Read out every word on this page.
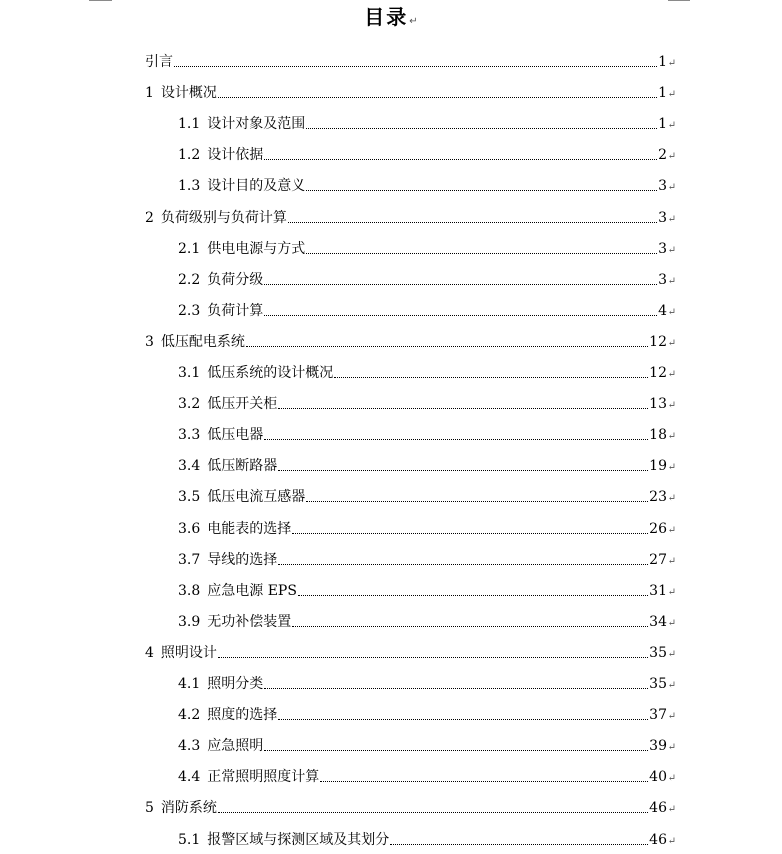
目录↵
引言	1 ↵
1 设计概况	1 ↵
1.1 设计对象及范围	1 ↵
1.2 设计依据	2 ↵
1.3 设计目的及意义	3 ↵
2 负荷级别与负荷计算	3 ↵
2.1 供电电源与方式	3 ↵
2.2 负荷分级	3 ↵
2.3 负荷计算	4 ↵
3 低压配电系统	12 ↵
3.1 低压系统的设计概况	12 ↵
3.2 低压开关柜	13 ↵
3.3 低压电器	18 ↵
3.4 低压断路器	19 ↵
3.5 低压电流互感器	23 ↵
3.6 电能表的选择	26 ↵
3.7 导线的选择	27 ↵
3.8 应急电源 EPS	31 ↵
3.9 无功补偿装置	34 ↵
4 照明设计	35 ↵
4.1 照明分类	35 ↵
4.2 照度的选择	37 ↵
4.3 应急照明	39 ↵
4.4 正常照明照度计算	40 ↵
5 消防系统	46 ↵
5.1 报警区域与探测区域及其划分	46 ↵
